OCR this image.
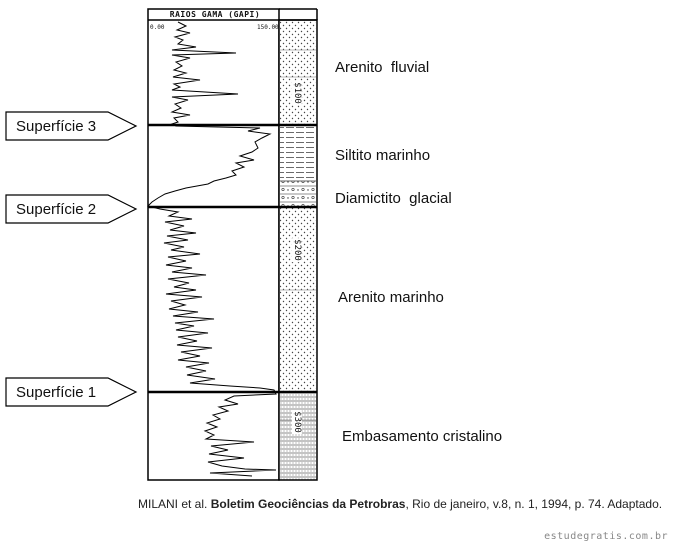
RAIOS GAMA (GAPI)
0.00	150.00
$100
$200
$300
Superfície 3
Superfície 2
Superfície 1
Arenito  fluvial
Siltito marinho
Diamictito  glacial
Arenito marinho
Embasamento cristalino
MILANI et al. Boletim Geociências da Petrobras, Rio de janeiro, v.8, n. 1, 1994, p. 74. Adaptado.
estudegratis.com.br
